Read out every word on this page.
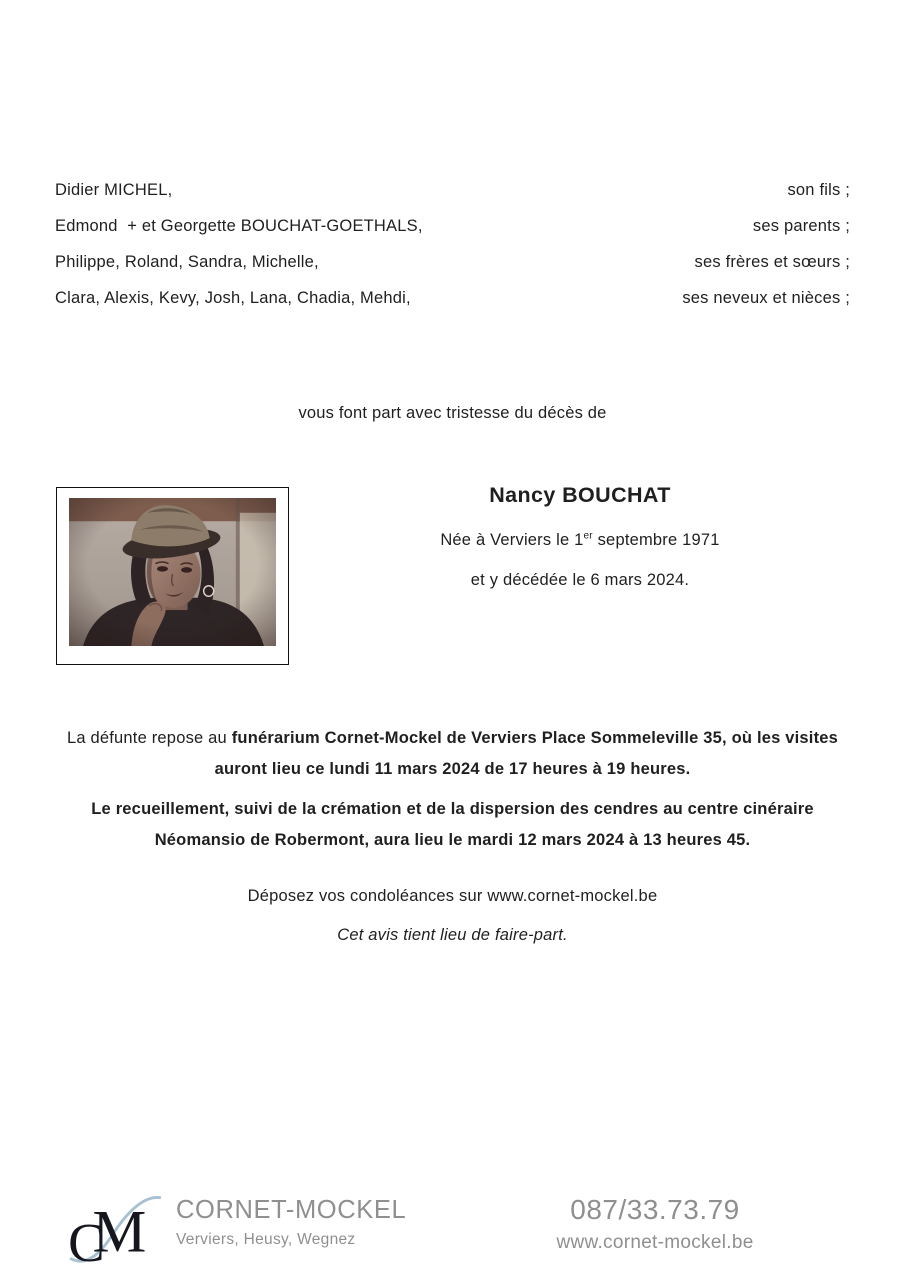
Didier MICHEL,	son fils ;
Edmond  + et Georgette BOUCHAT-GOETHALS,	ses parents ;
Philippe, Roland, Sandra, Michelle,	ses frères et sœurs ;
Clara, Alexis, Kevy, Josh, Lana, Chadia, Mehdi,	ses neveux et nièces ;

vous font part avec tristesse du décès de

Nancy BOUCHAT

Née à Verviers le 1er septembre 1971

et y décédée le 6 mars 2024.

La défunte repose au funérarium Cornet-Mockel de Verviers Place Sommeleville 35, où les visites auront lieu ce lundi 11 mars 2024 de 17 heures à 19 heures.

Le recueillement, suivi de la crémation et de la dispersion des cendres au centre cinéraire Néomansio de Robermont, aura lieu le mardi 12 mars 2024 à 13 heures 45.

Déposez vos condoléances sur www.cornet-mockel.be

Cet avis tient lieu de faire-part.

C
M CORNET-MOCKEL

Verviers, Heusy, Wegnez

087/33.73.79

www.cornet-mockel.be
